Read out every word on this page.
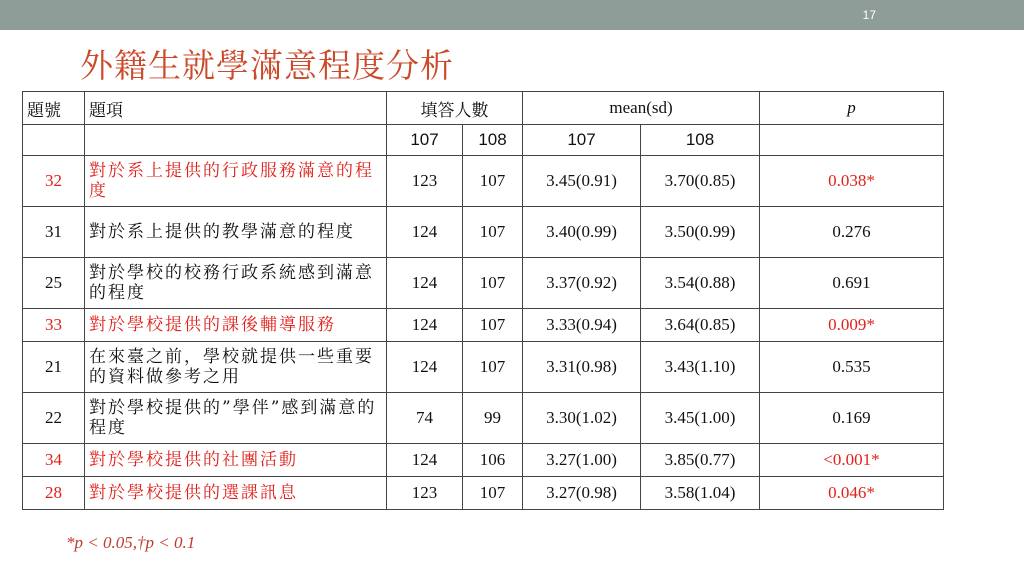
17
外籍生就學滿意程度分析
題號	題項	填答人數		mean(sd)		p
		107	108	107	108	
32	對於系上提供的行政服務滿意的程度	123	107	3.45(0.91)	3.70(0.85)	0.038*
31	對於系上提供的教學滿意的程度	124	107	3.40(0.99)	3.50(0.99)	0.276
25	對於學校的校務行政系統感到滿意的程度	124	107	3.37(0.92)	3.54(0.88)	0.691
33	對於學校提供的課後輔導服務	124	107	3.33(0.94)	3.64(0.85)	0.009*
21	在來臺之前，學校就提供一些重要的資料做參考之用	124	107	3.31(0.98)	3.43(1.10)	0.535
22	對於學校提供的”學伴”感到滿意的程度	74	99	3.30(1.02)	3.45(1.00)	0.169
34	對於學校提供的社團活動	124	106	3.27(1.00)	3.85(0.77)	<0.001*
28	對於學校提供的選課訊息	123	107	3.27(0.98)	3.58(1.04)	0.046*
*p < 0.05,†p < 0.1
